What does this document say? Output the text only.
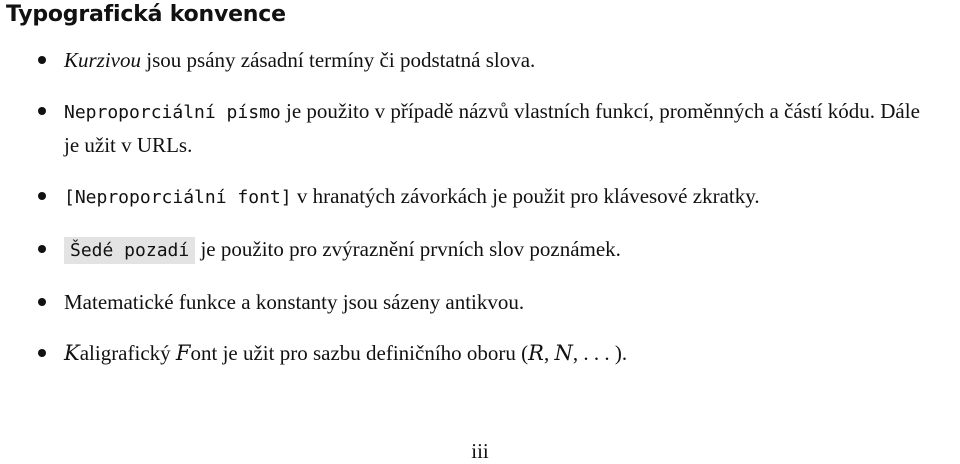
Typografická konvence
Kurzivou jsou psány zásadní termíny či podstatná slova.
Neproporciální písmo je použito v případě názvů vlastních funkcí, proměnných a částí kódu. Dále je užit v URLs.
[Neproporciální font] v hranatých závorkách je použit pro klávesové zkratky.
Šedé pozadí je použito pro zvýraznění prvních slov poznámek.
Matematické funkce a konstanty jsou sázeny antikvou.
Kaligrafický Font je užit pro sazbu definičního oboru (R, N, . . . ).
iii
